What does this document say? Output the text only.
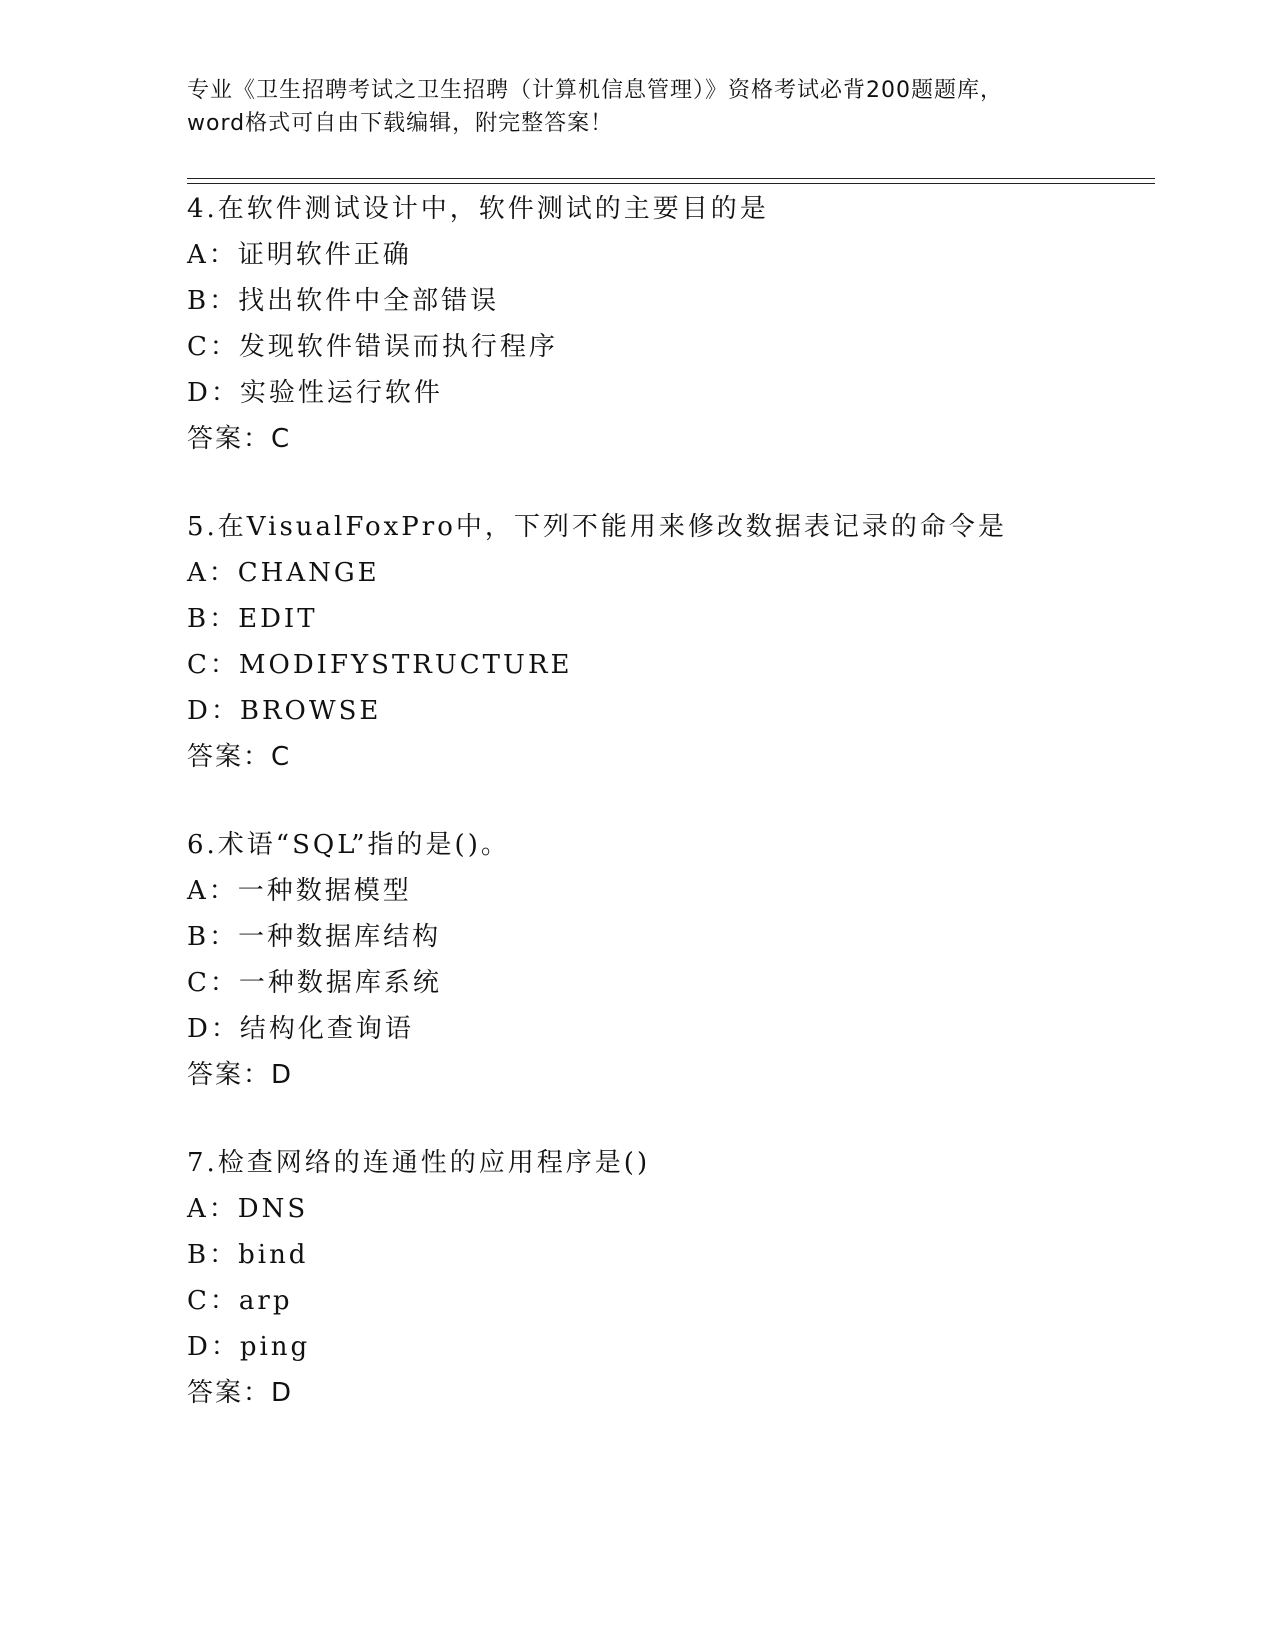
专业《卫生招聘考试之卫生招聘（计算机信息管理）》资格考试必背200题题库，
word格式可自由下载编辑，附完整答案！
4.在软件测试设计中，软件测试的主要目的是
A：证明软件正确
B：找出软件中全部错误
C：发现软件错误而执行程序
D：实验性运行软件
答案：C
5.在VisualFoxPro中，下列不能用来修改数据表记录的命令是
A：CHANGE
B：EDIT
C：MODIFYSTRUCTURE
D：BROWSE
答案：C
6.术语“SQL”指的是()。
A：一种数据模型
B：一种数据库结构
C：一种数据库系统
D：结构化查询语
答案：D
7.检查网络的连通性的应用程序是()
A：DNS
B：bind
C：arp
D：ping
答案：D
